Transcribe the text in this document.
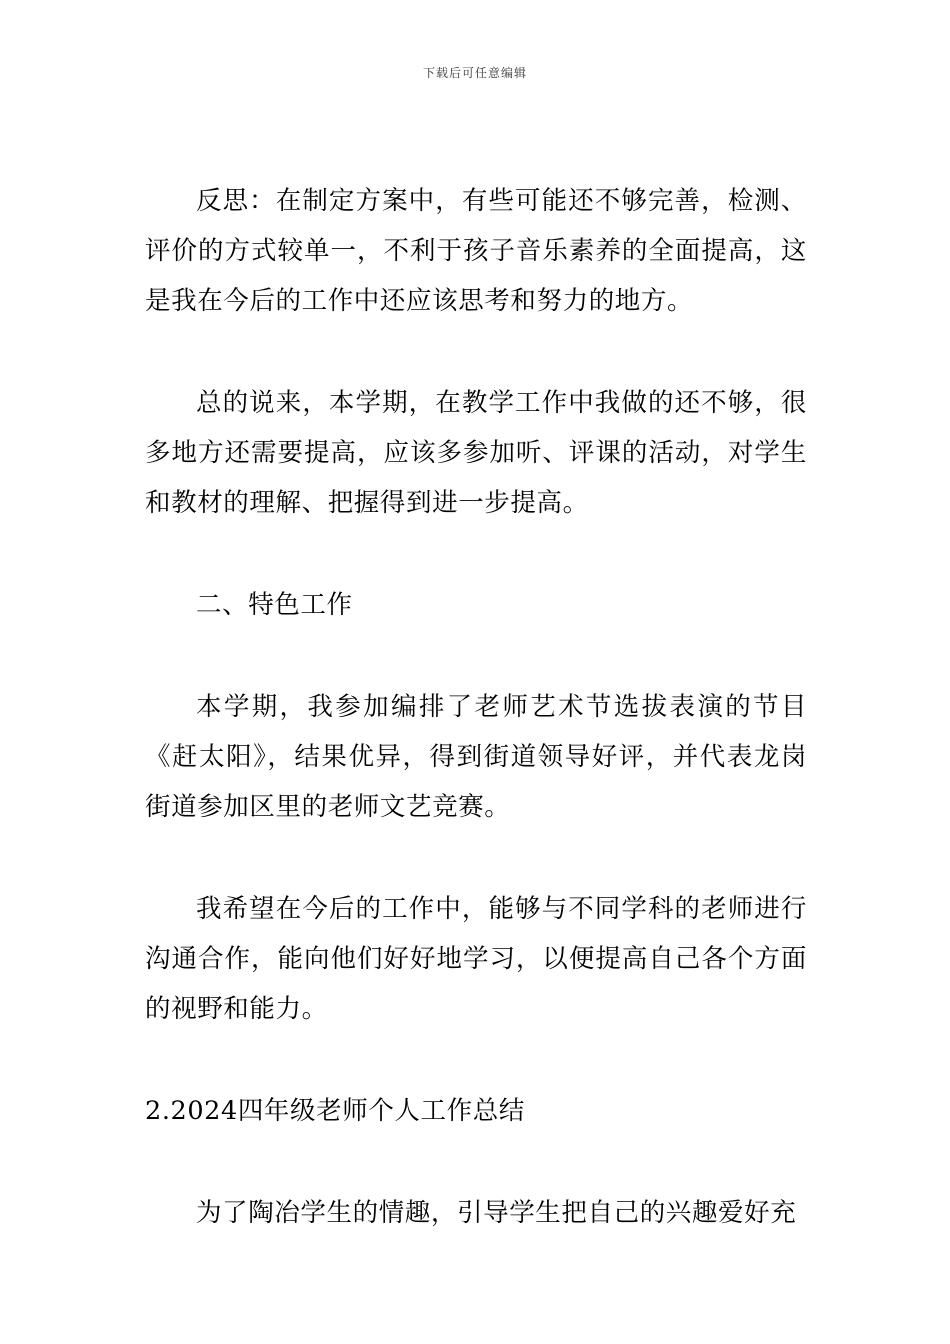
下载后可任意编辑

反思：在制定方案中，有些可能还不够完善，检测、评价的方式较单一，不利于孩子音乐素养的全面提高，这是我在今后的工作中还应该思考和努力的地方。

总的说来，本学期，在教学工作中我做的还不够，很多地方还需要提高，应该多参加听、评课的活动，对学生和教材的理解、把握得到进一步提高。

二、特色工作

本学期，我参加编排了老师艺术节选拔表演的节目《赶太阳》，结果优异，得到街道领导好评，并代表龙岗街道参加区里的老师文艺竞赛。

我希望在今后的工作中，能够与不同学科的老师进行沟通合作，能向他们好好地学习，以便提高自己各个方面的视野和能力。

2.2024四年级老师个人工作总结

为了陶冶学生的情趣，引导学生把自己的兴趣爱好充
